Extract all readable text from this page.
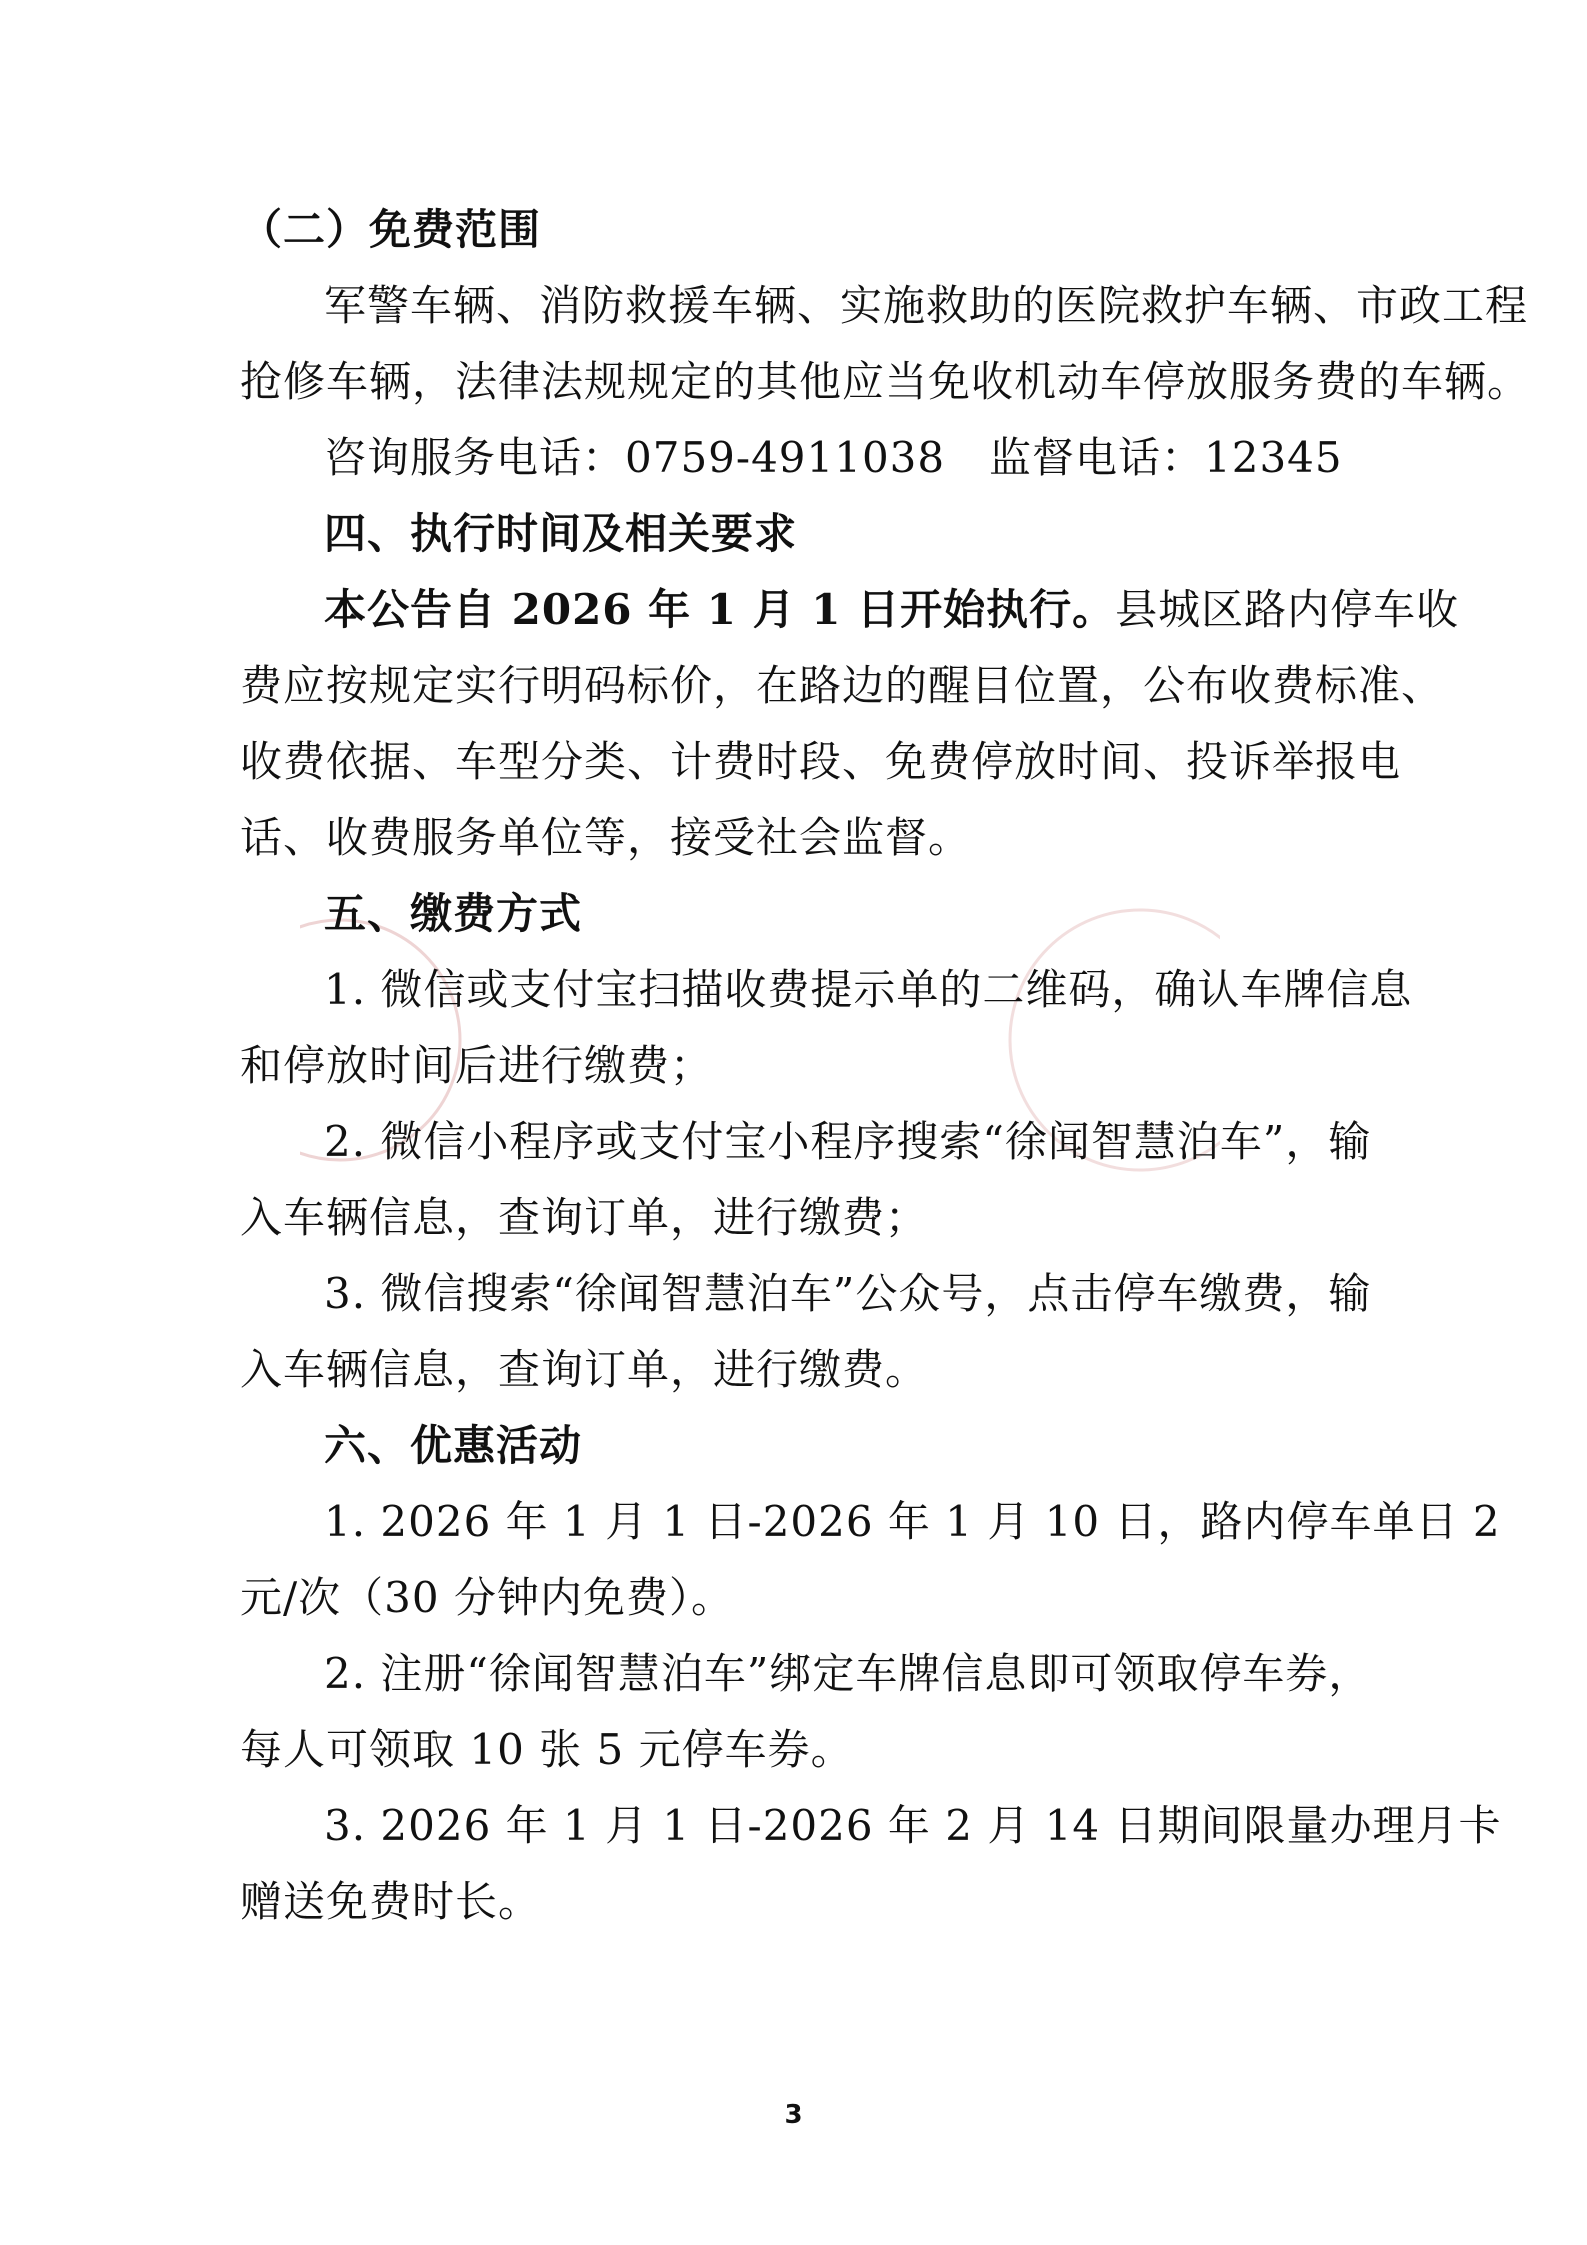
（二）免费范围
军警车辆、消防救援车辆、实施救助的医院救护车辆、市政工程
抢修车辆，法律法规规定的其他应当免收机动车停放服务费的车辆。
咨询服务电话：0759-4911038	监督电话：12345
四、执行时间及相关要求
本公告自 2026 年 1 月 1 日开始执行。县城区路内停车收
费应按规定实行明码标价，在路边的醒目位置，公布收费标准、
收费依据、车型分类、计费时段、免费停放时间、投诉举报电
话、收费服务单位等，接受社会监督。
五、缴费方式
1. 微信或支付宝扫描收费提示单的二维码，确认车牌信息
和停放时间后进行缴费；
2. 微信小程序或支付宝小程序搜索“徐闻智慧泊车”，输
入车辆信息，查询订单，进行缴费；
3. 微信搜索“徐闻智慧泊车”公众号，点击停车缴费，输
入车辆信息，查询订单，进行缴费。
六、优惠活动
1. 2026 年 1 月 1 日-2026 年 1 月 10 日，路内停车单日 2
元/次（30 分钟内免费）。
2. 注册“徐闻智慧泊车”绑定车牌信息即可领取停车券，
每人可领取 10 张 5 元停车券。
3. 2026 年 1 月 1 日-2026 年 2 月 14 日期间限量办理月卡
赠送免费时长。
3
